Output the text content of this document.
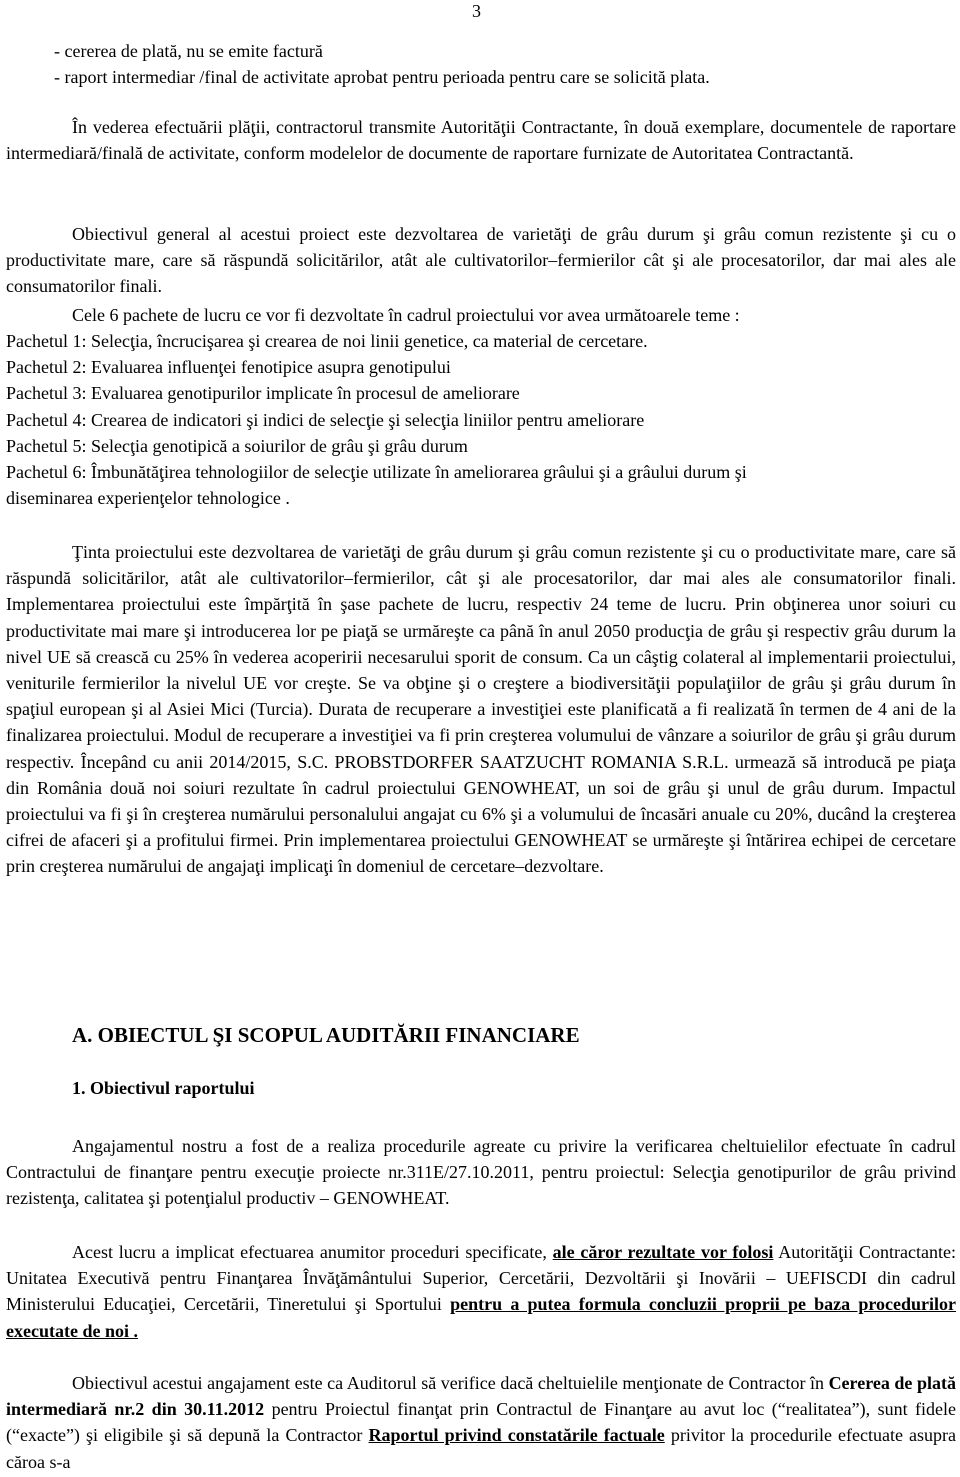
3
- cererea de plată, nu se emite factură
- raport intermediar /final de activitate aprobat pentru perioada pentru care se solicită plata.

În vederea efectuării plăţii, contractorul transmite Autorităţii Contractante, în două exemplare, documentele de raportare intermediară/finală de activitate, conform modelelor de documente de raportare furnizate de Autoritatea Contractantă.

Obiectivul general al acestui proiect este dezvoltarea de varietăţi de grâu durum şi grâu comun rezistente şi cu o productivitate mare, care să răspundă solicitărilor, atât ale cultivatorilor–fermierilor cât şi ale procesatorilor, dar mai ales ale consumatorilor finali.

Cele 6 pachete de lucru ce vor fi dezvoltate în cadrul proiectului vor avea următoarele teme :

Pachetul 1: Selecţia, încrucişarea şi crearea de noi linii genetice, ca material de cercetare.
Pachetul 2: Evaluarea influenţei fenotipice asupra genotipului
Pachetul 3: Evaluarea genotipurilor implicate în procesul de ameliorare
Pachetul 4: Crearea de indicatori şi indici de selecţie şi selecţia liniilor pentru ameliorare
Pachetul 5: Selecţia genotipică a soiurilor de grâu şi grâu durum
Pachetul 6: Îmbunătăţirea tehnologiilor de selecţie utilizate în ameliorarea grâului şi a grâului durum şi
diseminarea experienţelor tehnologice .

Ţinta proiectului este dezvoltarea de varietăţi de grâu durum şi grâu comun rezistente şi cu o productivitate mare, care să răspundă solicitărilor, atât ale cultivatorilor–fermierilor, cât şi ale procesatorilor, dar mai ales ale consumatorilor finali. Implementarea proiectului este împărţită în şase pachete de lucru, respectiv 24 teme de lucru. Prin obţinerea unor soiuri cu productivitate mai mare şi introducerea lor pe piaţă se urmăreşte ca până în anul 2050 producţia de grâu şi respectiv grâu durum la nivel UE să crească cu 25% în vederea acoperirii necesarului sporit de consum. Ca un câştig colateral al implementarii proiectului, veniturile fermierilor la nivelul UE vor creşte. Se va obţine şi o creştere a biodiversităţii populaţiilor de grâu şi grâu durum în spaţiul european şi al Asiei Mici (Turcia). Durata de recuperare a investiţiei este planificată a fi realizată în termen de 4 ani de la finalizarea proiectului. Modul de recuperare a investiţiei va fi prin creşterea volumului de vânzare a soiurilor de grâu şi grâu durum respectiv. Începând cu anii 2014/2015, S.C. PROBSTDORFER SAATZUCHT ROMANIA S.R.L. urmează să introducă pe piaţa din România două noi soiuri rezultate în cadrul proiectului GENOWHEAT, un soi de grâu şi unul de grâu durum. Impactul proiectului va fi şi în creşterea numărului personalului angajat cu 6% şi a volumului de încasări anuale cu 20%, ducând la creşterea cifrei de afaceri şi a profitului firmei. Prin implementarea proiectului GENOWHEAT se urmăreşte şi întărirea echipei de cercetare prin creşterea numărului de angajaţi implicaţi în domeniul de cercetare–dezvoltare.

A. OBIECTUL ŞI SCOPUL AUDITĂRII FINANCIARE
1. Obiectivul raportului

Angajamentul nostru a fost de a realiza procedurile agreate cu privire la verificarea cheltuielilor efectuate în cadrul Contractului de finanţare pentru execuţie proiecte nr.311E/27.10.2011, pentru proiectul: Selecţia genotipurilor de grâu privind rezistenţa, calitatea şi potenţialul productiv – GENOWHEAT.

Acest lucru a implicat efectuarea anumitor proceduri specificate, ale căror rezultate vor folosi Autorităţii Contractante: Unitatea Executivă pentru Finanţarea Învăţământului Superior, Cercetării, Dezvoltării şi Inovării – UEFISCDI din cadrul Ministerului Educaţiei, Cercetării, Tineretului şi Sportului pentru a putea formula concluzii proprii pe baza procedurilor executate de noi .

Obiectivul acestui angajament este ca Auditorul să verifice dacă cheltuielile menţionate de Contractor în Cererea de plată intermediară nr.2 din 30.11.2012 pentru Proiectul finanţat prin Contractul de Finanţare au avut loc (“realitatea”), sunt fidele (“exacte”) şi eligibile şi să depună la Contractor Raportul privind constatările factuale privitor la procedurile efectuate asupra căroa s-a
